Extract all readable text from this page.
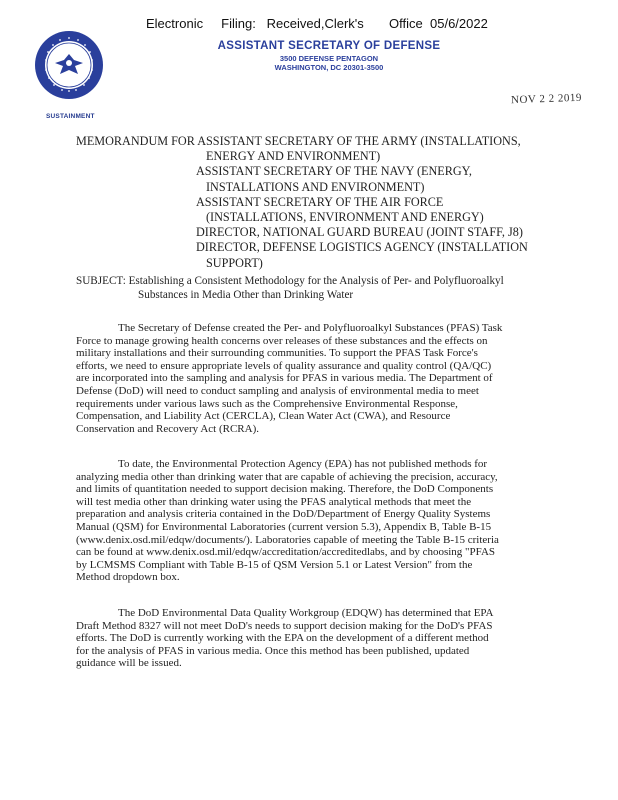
Electronic     Filing:   Received,Clerk's       Office  05/6/2022
SUSTAINMENT
ASSISTANT SECRETARY OF DEFENSE
3500 DEFENSE PENTAGON
WASHINGTON, DC 20301-3500
NOV 2 2 2019
MEMORANDUM FOR ASSISTANT SECRETARY OF THE ARMY (INSTALLATIONS,
ENERGY AND ENVIRONMENT)
ASSISTANT SECRETARY OF THE NAVY (ENERGY,
INSTALLATIONS AND ENVIRONMENT)
ASSISTANT SECRETARY OF THE AIR FORCE
(INSTALLATIONS, ENVIRONMENT AND ENERGY)
DIRECTOR, NATIONAL GUARD BUREAU (JOINT STAFF, J8)
DIRECTOR, DEFENSE LOGISTICS AGENCY (INSTALLATION
SUPPORT)
SUBJECT: Establishing a Consistent Methodology for the Analysis of Per- and Polyfluoroalkyl
Substances in Media Other than Drinking Water
The Secretary of Defense created the Per- and Polyfluoroalkyl Substances (PFAS) Task
Force to manage growing health concerns over releases of these substances and the effects on
military installations and their surrounding communities. To support the PFAS Task Force's
efforts, we need to ensure appropriate levels of quality assurance and quality control (QA/QC)
are incorporated into the sampling and analysis for PFAS in various media. The Department of
Defense (DoD) will need to conduct sampling and analysis of environmental media to meet
requirements under various laws such as the Comprehensive Environmental Response,
Compensation, and Liability Act (CERCLA), Clean Water Act (CWA), and Resource
Conservation and Recovery Act (RCRA).
To date, the Environmental Protection Agency (EPA) has not published methods for
analyzing media other than drinking water that are capable of achieving the precision, accuracy,
and limits of quantitation needed to support decision making. Therefore, the DoD Components
will test media other than drinking water using the PFAS analytical methods that meet the
preparation and analysis criteria contained in the DoD/Department of Energy Quality Systems
Manual (QSM) for Environmental Laboratories (current version 5.3), Appendix B, Table B-15
(www.denix.osd.mil/edqw/documents/). Laboratories capable of meeting the Table B-15 criteria
can be found at www.denix.osd.mil/edqw/accreditation/accreditedlabs, and by choosing "PFAS
by LCMSMS Compliant with Table B-15 of QSM Version 5.1 or Latest Version" from the
Method dropdown box.
The DoD Environmental Data Quality Workgroup (EDQW) has determined that EPA
Draft Method 8327 will not meet DoD's needs to support decision making for the DoD's PFAS
efforts. The DoD is currently working with the EPA on the development of a different method
for the analysis of PFAS in various media. Once this method has been published, updated
guidance will be issued.
